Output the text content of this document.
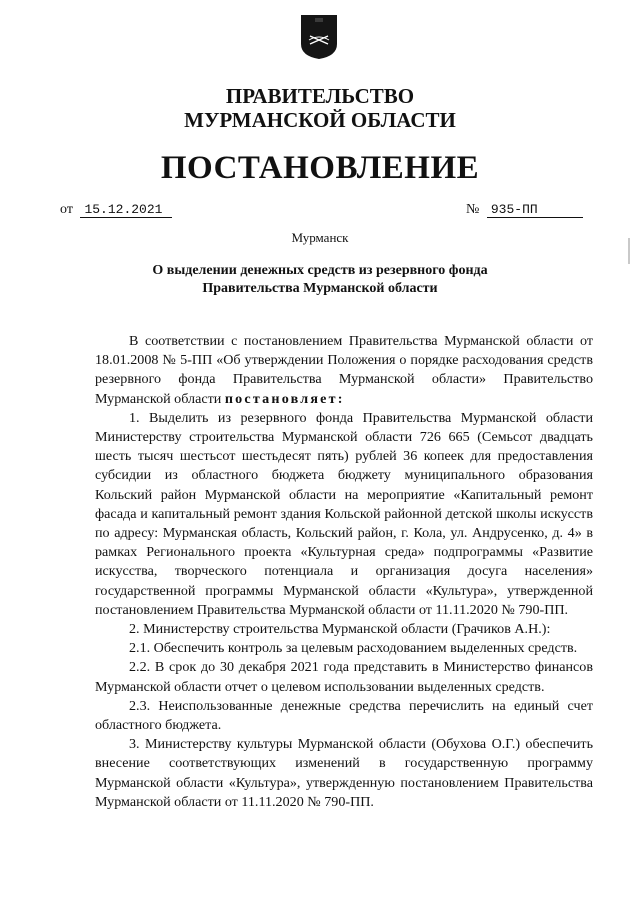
ПРАВИТЕЛЬСТВО
МУРМАНСКОЙ ОБЛАСТИ
ПОСТАНОВЛЕНИЕ
от 15.12.2021	№ 935-ПП
Мурманск
О выделении денежных средств из резервного фонда
Правительства Мурманской области

В соответствии с постановлением Правительства Мурманской области от 18.01.2008 № 5-ПП «Об утверждении Положения о порядке расходования средств резервного фонда Правительства Мурманской области» Правительство Мурманской области постановляет:

1. Выделить из резервного фонда Правительства Мурманской области Министерству строительства Мурманской области 726 665 (Семьсот двадцать шесть тысяч шестьсот шестьдесят пять) рублей 36 копеек для предоставления субсидии из областного бюджета бюджету муниципального образования Кольский район Мурманской области на мероприятие «Капитальный ремонт фасада и капитальный ремонт здания Кольской районной детской школы искусств по адресу: Мурманская область, Кольский район, г. Кола, ул. Андрусенко, д. 4» в рамках Регионального проекта «Культурная среда» подпрограммы «Развитие искусства, творческого потенциала и организация досуга населения» государственной программы Мурманской области «Культура», утвержденной постановлением Правительства Мурманской области от 11.11.2020 № 790-ПП.

2. Министерству строительства Мурманской области (Грачиков А.Н.):

2.1. Обеспечить контроль за целевым расходованием выделенных средств.

2.2. В срок до 30 декабря 2021 года представить в Министерство финансов Мурманской области отчет о целевом использовании выделенных средств.

2.3. Неиспользованные денежные средства перечислить на единый счет областного бюджета.

3. Министерству культуры Мурманской области (Обухова О.Г.) обеспечить внесение соответствующих изменений в государственную программу Мурманской области «Культура», утвержденную постановлением Правительства Мурманской области от 11.11.2020 № 790-ПП.
